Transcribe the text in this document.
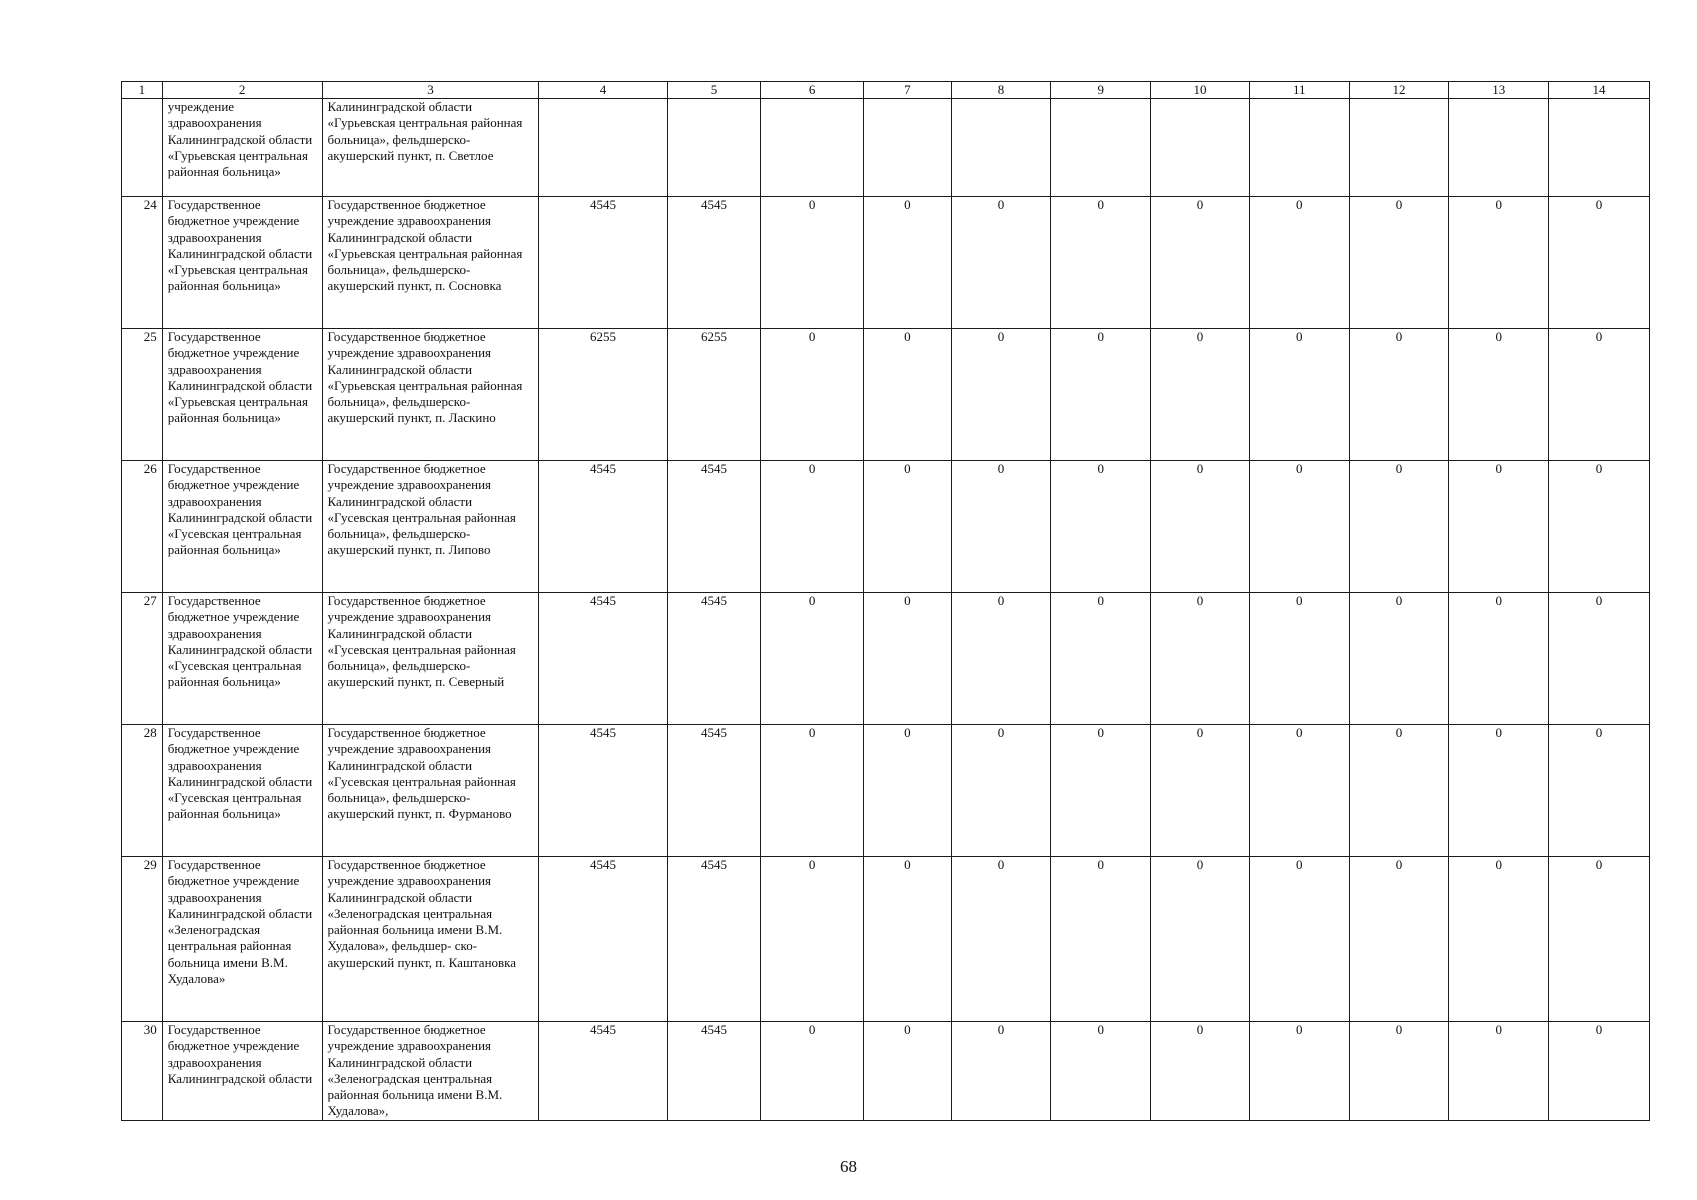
1	2	3	4	5	6	7	8	9	10	11	12	13	14
	учреждение здравоохранения Калининградской области «Гурьевская центральная районная больница»	Калининградской области «Гурьевская центральная районная больница», фельдшерско-акушерский пункт, п. Светлое											
24	Государственное бюджетное учреждение здравоохранения Калининградской области «Гурьевская центральная районная больница»	Государственное бюджетное учреждение здравоохранения Калининградской области «Гурьевская центральная районная больница», фельдшерско-акушерский пункт, п. Сосновка	4545	4545	0	0	0	0	0	0	0	0	0
25	Государственное бюджетное учреждение здравоохранения Калининградской области «Гурьевская центральная районная больница»	Государственное бюджетное учреждение здравоохранения Калининградской области «Гурьевская центральная районная больница», фельдшерско-акушерский пункт, п. Ласкино	6255	6255	0	0	0	0	0	0	0	0	0
26	Государственное бюджетное учреждение здравоохранения Калининградской области «Гусевская центральная районная больница»	Государственное бюджетное учреждение здравоохранения Калининградской области «Гусевская центральная районная больница», фельдшерско-акушерский пункт, п. Липово	4545	4545	0	0	0	0	0	0	0	0	0
27	Государственное бюджетное учреждение здравоохранения Калининградской области «Гусевская центральная районная больница»	Государственное бюджетное учреждение здравоохранения Калининградской области «Гусевская центральная районная больница», фельдшерско-акушерский пункт, п. Северный	4545	4545	0	0	0	0	0	0	0	0	0
28	Государственное бюджетное учреждение здравоохранения Калининградской области «Гусевская центральная районная больница»	Государственное бюджетное учреждение здравоохранения Калининградской области «Гусевская центральная районная больница», фельдшерско-акушерский пункт, п. Фурманово	4545	4545	0	0	0	0	0	0	0	0	0
29	Государственное бюджетное учреждение здравоохранения Калининградской области «Зеленоградская центральная районная больница имени В.М. Худалова»	Государственное бюджетное учреждение здравоохранения Калининградской области «Зеленоградская центральная районная больница имени В.М. Худалова», фельдшер- ско-акушерский пункт, п. Каштановка	4545	4545	0	0	0	0	0	0	0	0	0
30	Государственное бюджетное учреждение здравоохранения Калининградской области	Государственное бюджетное учреждение здравоохранения Калининградской области «Зеленоградская центральная районная больница имени В.М. Худалова»,	4545	4545	0	0	0	0	0	0	0	0	0
68
